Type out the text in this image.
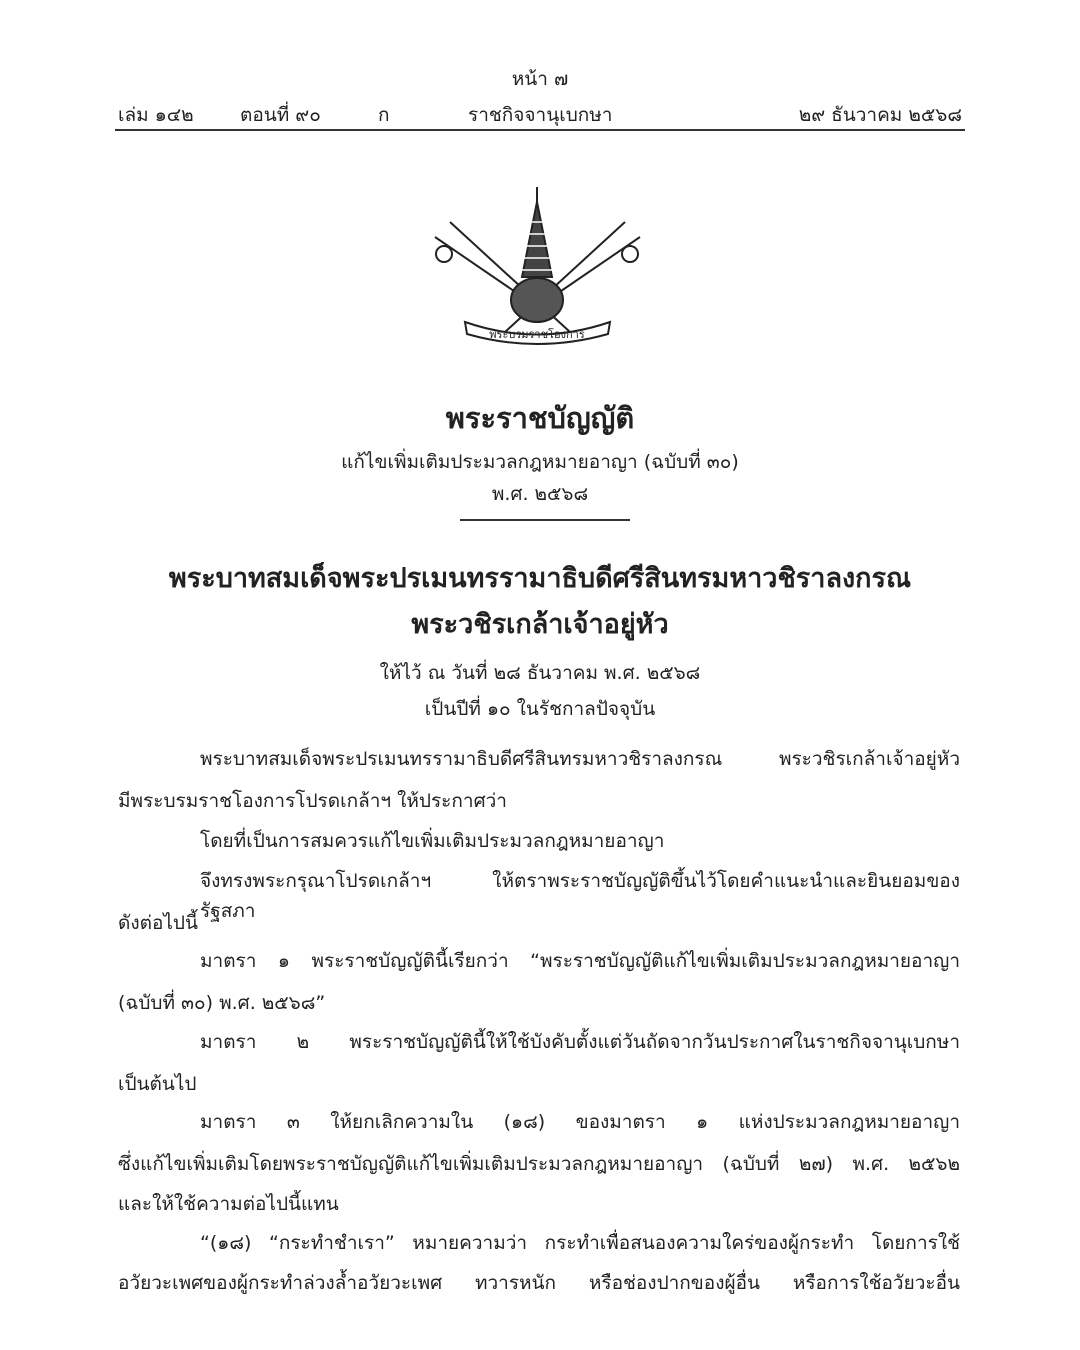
หน้า ๗
เล่ม ๑๔๒ ตอนที่ ๙๐	ก	ราชกิจจานุเบกษา	๒๙ ธันวาคม ๒๕๖๘
พระบรมราชโองการ
พระราชบัญญัติ
แก้ไขเพิ่มเติมประมวลกฎหมายอาญา (ฉบับที่ ๓๐)
พ.ศ. ๒๕๖๘
พระบาทสมเด็จพระปรเมนทรรามาธิบดีศรีสินทรมหาวชิราลงกรณ
พระวชิรเกล้าเจ้าอยู่หัว
ให้ไว้ ณ วันที่ ๒๘ ธันวาคม พ.ศ. ๒๕๖๘
เป็นปีที่ ๑๐ ในรัชกาลปัจจุบัน
พระบาทสมเด็จพระปรเมนทรรามาธิบดีศรีสินทรมหาวชิราลงกรณ พระวชิรเกล้าเจ้าอยู่หัว
มีพระบรมราชโองการโปรดเกล้าฯ ให้ประกาศว่า
โดยที่เป็นการสมควรแก้ไขเพิ่มเติมประมวลกฎหมายอาญา
จึงทรงพระกรุณาโปรดเกล้าฯ ให้ตราพระราชบัญญัติขึ้นไว้โดยคำแนะนำและยินยอมของรัฐสภา
ดังต่อไปนี้
มาตรา ๑ พระราชบัญญัตินี้เรียกว่า “พระราชบัญญัติแก้ไขเพิ่มเติมประมวลกฎหมายอาญา
(ฉบับที่ ๓๐) พ.ศ. ๒๕๖๘”
มาตรา ๒ พระราชบัญญัตินี้ให้ใช้บังคับตั้งแต่วันถัดจากวันประกาศในราชกิจจานุเบกษา
เป็นต้นไป
มาตรา ๓ ให้ยกเลิกความใน (๑๘) ของมาตรา ๑ แห่งประมวลกฎหมายอาญา
ซึ่งแก้ไขเพิ่มเติมโดยพระราชบัญญัติแก้ไขเพิ่มเติมประมวลกฎหมายอาญา (ฉบับที่ ๒๗) พ.ศ. ๒๕๖๒
และให้ใช้ความต่อไปนี้แทน
“(๑๘) “กระทำชำเรา” หมายความว่า กระทำเพื่อสนองความใคร่ของผู้กระทำ โดยการใช้
อวัยวะเพศของผู้กระทำล่วงล้ำอวัยวะเพศ ทวารหนัก หรือช่องปากของผู้อื่น หรือการใช้อวัยวะอื่น
